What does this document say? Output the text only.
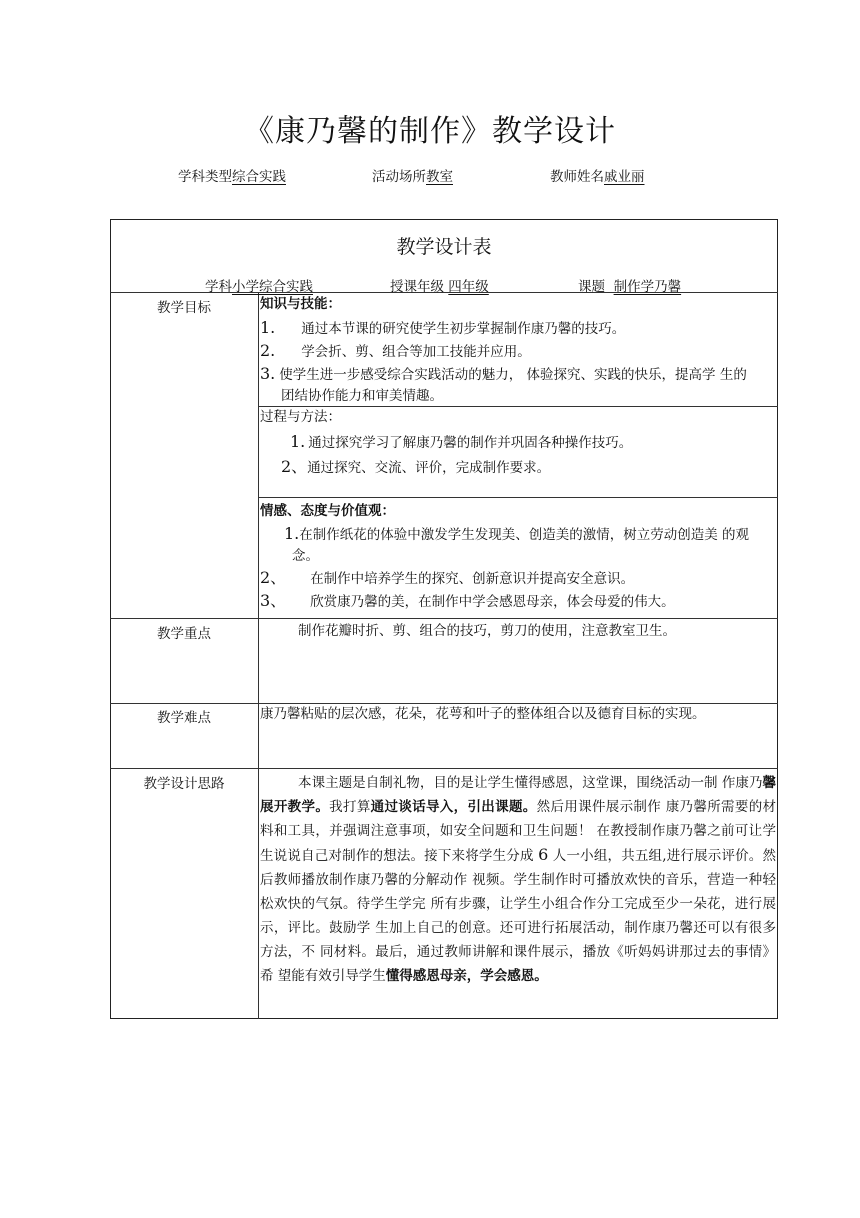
《康乃馨的制作》教学设计
学科类型综合实践	活动场所教室	教师姓名戚业丽
教学设计表
学科小学综合实践	授课年级 四年级	课题 制作学乃馨
教学目标	知识与技能：
1. 通过本节课的研究使学生初步掌握制作康乃馨的技巧。
2. 学会折、剪、组合等加工技能并应用。
3. 使学生进一步感受综合实践活动的魅力， 体验探究、实践的快乐，提高学 生的
团结协作能力和审美情趣。
过程与方法：
1. 通过探究学习了解康乃馨的制作并巩固各种操作技巧。
2、通过探究、交流、评价，完成制作要求。
情感、态度与价值观：
1.在制作纸花的体验中激发学生发现美、创造美的激情，树立劳动创造美 的观
念。
2、 在制作中培养学生的探究、创新意识并提高安全意识。
3、 欣赏康乃馨的美，在制作中学会感恩母亲，体会母爱的伟大。
教学重点	制作花瓣时折、剪、组合的技巧，剪刀的使用，注意教室卫生。
教学难点	康乃馨粘贴的层次感，花朵，花萼和叶子的整体组合以及德育目标的实现。
教学设计思路	本课主题是自制礼物，目的是让学生懂得感恩，这堂课，围绕活动一制 作康乃馨展开教学。我打算通过谈话导入，引出课题。然后用课件展示制作 康乃馨所需要的材料和工具，并强调注意事项，如安全问题和卫生问题！ 在教授制作康乃馨之前可让学生说说自己对制作的想法。接下来将学生分成 6 人一小组，共五组,进行展示评价。然后教师播放制作康乃馨的分解动作 视频。学生制作时可播放欢快的音乐，营造一种轻松欢快的气氛。待学生学完 所有步骤，让学生小组合作分工完成至少一朵花，进行展示，评比。鼓励学 生加上自己的创意。还可进行拓展活动，制作康乃馨还可以有很多方法，不 同材料。最后，通过教师讲解和课件展示，播放《听妈妈讲那过去的事情》希 望能有效引导学生懂得感恩母亲，学会感恩。
